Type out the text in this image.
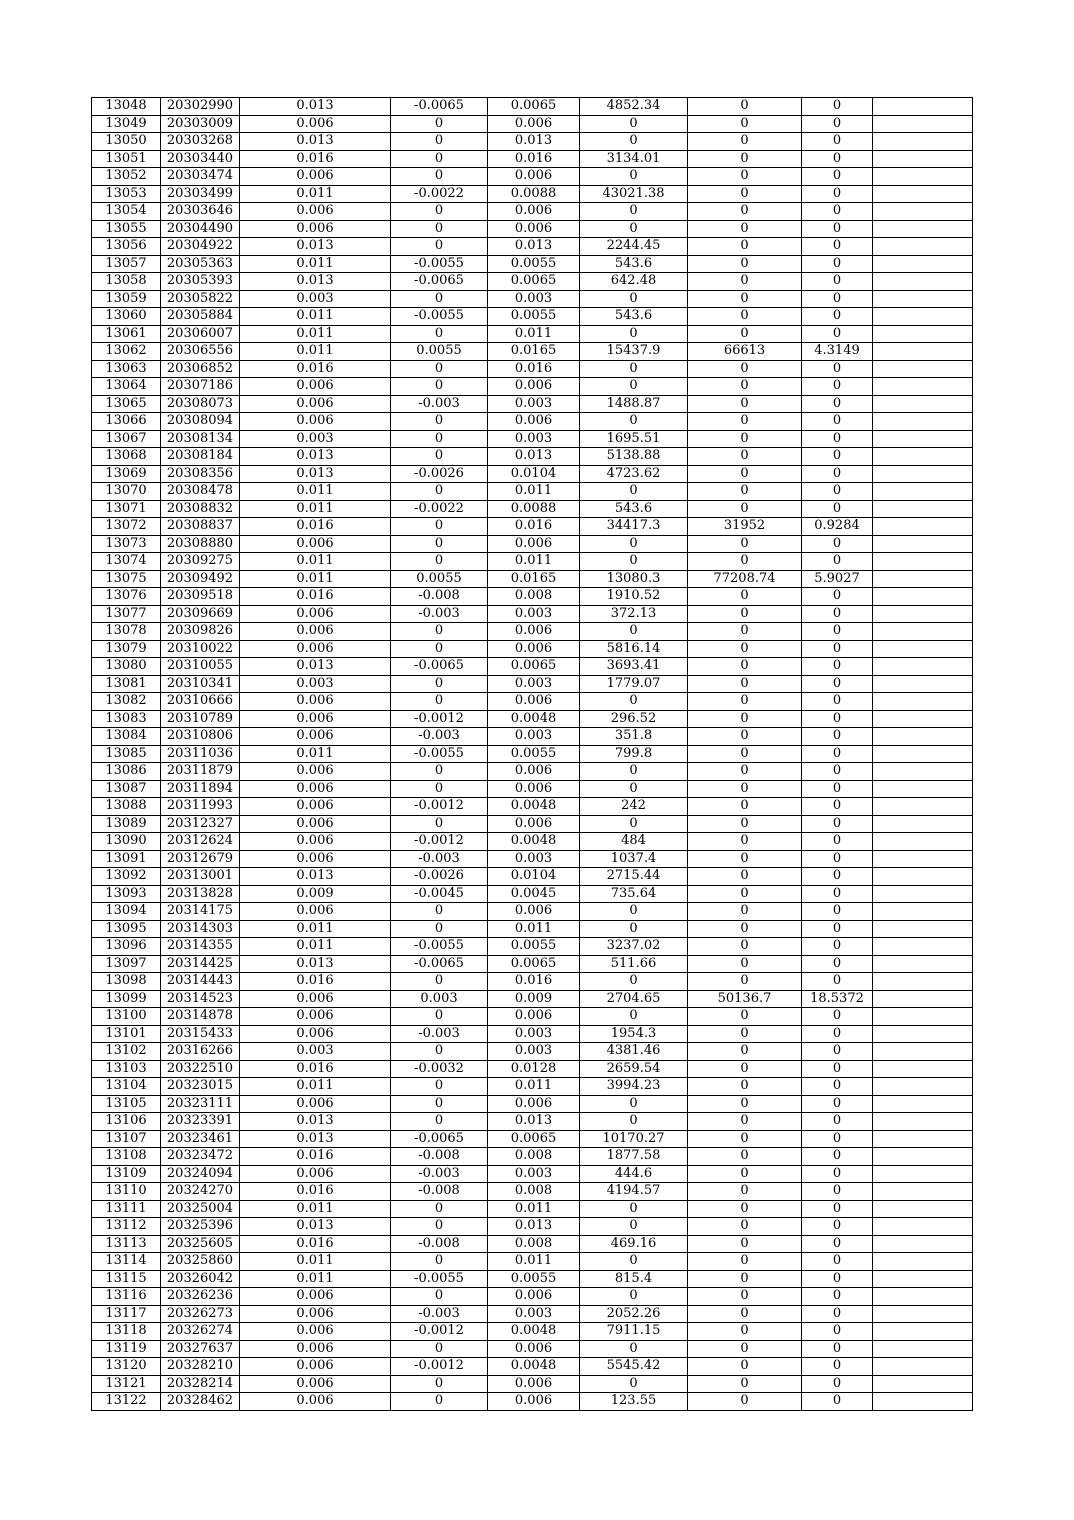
13048	20302990	0.013	-0.0065	0.0065	4852.34	0	0	
13049	20303009	0.006	0	0.006	0	0	0	
13050	20303268	0.013	0	0.013	0	0	0	
13051	20303440	0.016	0	0.016	3134.01	0	0	
13052	20303474	0.006	0	0.006	0	0	0	
13053	20303499	0.011	-0.0022	0.0088	43021.38	0	0	
13054	20303646	0.006	0	0.006	0	0	0	
13055	20304490	0.006	0	0.006	0	0	0	
13056	20304922	0.013	0	0.013	2244.45	0	0	
13057	20305363	0.011	-0.0055	0.0055	543.6	0	0	
13058	20305393	0.013	-0.0065	0.0065	642.48	0	0	
13059	20305822	0.003	0	0.003	0	0	0	
13060	20305884	0.011	-0.0055	0.0055	543.6	0	0	
13061	20306007	0.011	0	0.011	0	0	0	
13062	20306556	0.011	0.0055	0.0165	15437.9	66613	4.3149	
13063	20306852	0.016	0	0.016	0	0	0	
13064	20307186	0.006	0	0.006	0	0	0	
13065	20308073	0.006	-0.003	0.003	1488.87	0	0	
13066	20308094	0.006	0	0.006	0	0	0	
13067	20308134	0.003	0	0.003	1695.51	0	0	
13068	20308184	0.013	0	0.013	5138.88	0	0	
13069	20308356	0.013	-0.0026	0.0104	4723.62	0	0	
13070	20308478	0.011	0	0.011	0	0	0	
13071	20308832	0.011	-0.0022	0.0088	543.6	0	0	
13072	20308837	0.016	0	0.016	34417.3	31952	0.9284	
13073	20308880	0.006	0	0.006	0	0	0	
13074	20309275	0.011	0	0.011	0	0	0	
13075	20309492	0.011	0.0055	0.0165	13080.3	77208.74	5.9027	
13076	20309518	0.016	-0.008	0.008	1910.52	0	0	
13077	20309669	0.006	-0.003	0.003	372.13	0	0	
13078	20309826	0.006	0	0.006	0	0	0	
13079	20310022	0.006	0	0.006	5816.14	0	0	
13080	20310055	0.013	-0.0065	0.0065	3693.41	0	0	
13081	20310341	0.003	0	0.003	1779.07	0	0	
13082	20310666	0.006	0	0.006	0	0	0	
13083	20310789	0.006	-0.0012	0.0048	296.52	0	0	
13084	20310806	0.006	-0.003	0.003	351.8	0	0	
13085	20311036	0.011	-0.0055	0.0055	799.8	0	0	
13086	20311879	0.006	0	0.006	0	0	0	
13087	20311894	0.006	0	0.006	0	0	0	
13088	20311993	0.006	-0.0012	0.0048	242	0	0	
13089	20312327	0.006	0	0.006	0	0	0	
13090	20312624	0.006	-0.0012	0.0048	484	0	0	
13091	20312679	0.006	-0.003	0.003	1037.4	0	0	
13092	20313001	0.013	-0.0026	0.0104	2715.44	0	0	
13093	20313828	0.009	-0.0045	0.0045	735.64	0	0	
13094	20314175	0.006	0	0.006	0	0	0	
13095	20314303	0.011	0	0.011	0	0	0	
13096	20314355	0.011	-0.0055	0.0055	3237.02	0	0	
13097	20314425	0.013	-0.0065	0.0065	511.66	0	0	
13098	20314443	0.016	0	0.016	0	0	0	
13099	20314523	0.006	0.003	0.009	2704.65	50136.7	18.5372	
13100	20314878	0.006	0	0.006	0	0	0	
13101	20315433	0.006	-0.003	0.003	1954.3	0	0	
13102	20316266	0.003	0	0.003	4381.46	0	0	
13103	20322510	0.016	-0.0032	0.0128	2659.54	0	0	
13104	20323015	0.011	0	0.011	3994.23	0	0	
13105	20323111	0.006	0	0.006	0	0	0	
13106	20323391	0.013	0	0.013	0	0	0	
13107	20323461	0.013	-0.0065	0.0065	10170.27	0	0	
13108	20323472	0.016	-0.008	0.008	1877.58	0	0	
13109	20324094	0.006	-0.003	0.003	444.6	0	0	
13110	20324270	0.016	-0.008	0.008	4194.57	0	0	
13111	20325004	0.011	0	0.011	0	0	0	
13112	20325396	0.013	0	0.013	0	0	0	
13113	20325605	0.016	-0.008	0.008	469.16	0	0	
13114	20325860	0.011	0	0.011	0	0	0	
13115	20326042	0.011	-0.0055	0.0055	815.4	0	0	
13116	20326236	0.006	0	0.006	0	0	0	
13117	20326273	0.006	-0.003	0.003	2052.26	0	0	
13118	20326274	0.006	-0.0012	0.0048	7911.15	0	0	
13119	20327637	0.006	0	0.006	0	0	0	
13120	20328210	0.006	-0.0012	0.0048	5545.42	0	0	
13121	20328214	0.006	0	0.006	0	0	0	
13122	20328462	0.006	0	0.006	123.55	0	0	
